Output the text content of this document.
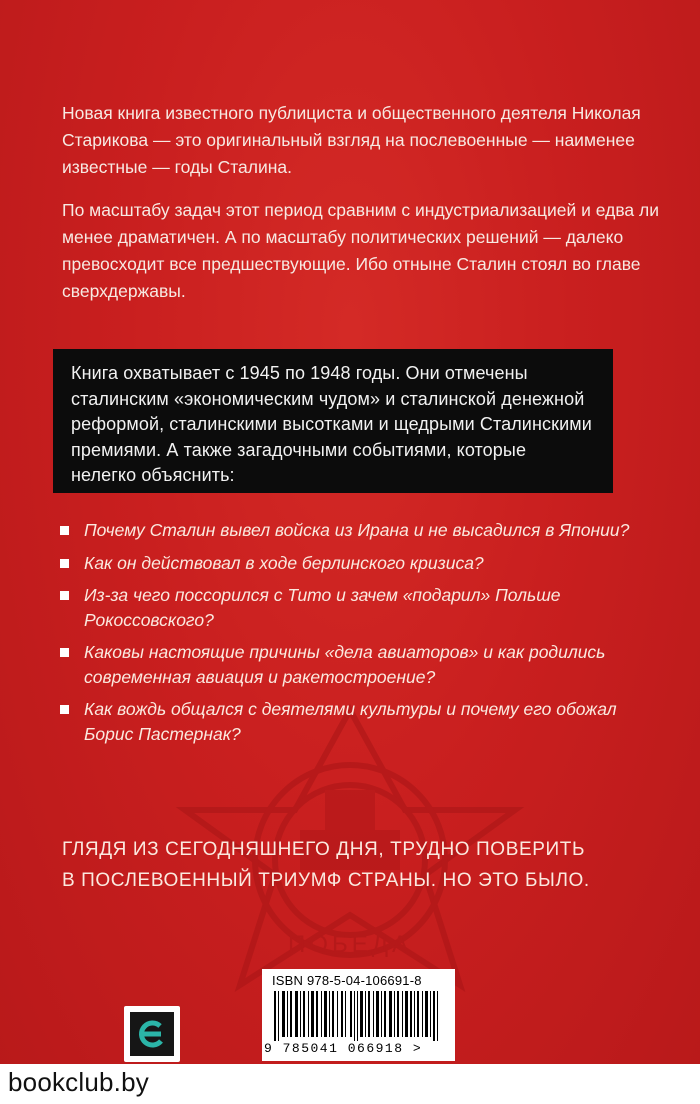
ПОБЕДА

Новая книга известного публициста и общественного деятеля Николая Старикова — это оригинальный взгляд на послевоенные — наименее известные — годы Сталина.

По масштабу задач этот период сравним с индустриализацией и едва ли менее драматичен. А по масштабу политических решений — далеко превосходит все предшествующие. Ибо отныне Сталин стоял во главе сверхдержавы.

Книга охватывает с 1945 по 1948 годы. Они отмечены сталинским «экономическим чудом» и сталинской денежной реформой, сталинскими высотками и щедрыми Сталинскими премиями. А также загадочными событиями, которые нелегко объяснить:
Почему Сталин вывел войска из Ирана и не высадился в Японии?
Как он действовал в ходе берлинского кризиса?
Из-за чего поссорился с Тито и зачем «подарил» Польше Рокоссовского?
Каковы настоящие причины «дела авиаторов» и как родились современная авиация и ракетостроение?
Как вождь общался с деятелями культуры и почему его обожал Борис Пастернак?
ГЛЯДЯ ИЗ СЕГОДНЯШНЕГО ДНЯ, ТРУДНО ПОВЕРИТЬ
В ПОСЛЕВОЕННЫЙ ТРИУМФ СТРАНЫ. НО ЭТО БЫЛО.
ISBN 978-5-04-106691-8
9 785041 066918 >
bookclub.by
